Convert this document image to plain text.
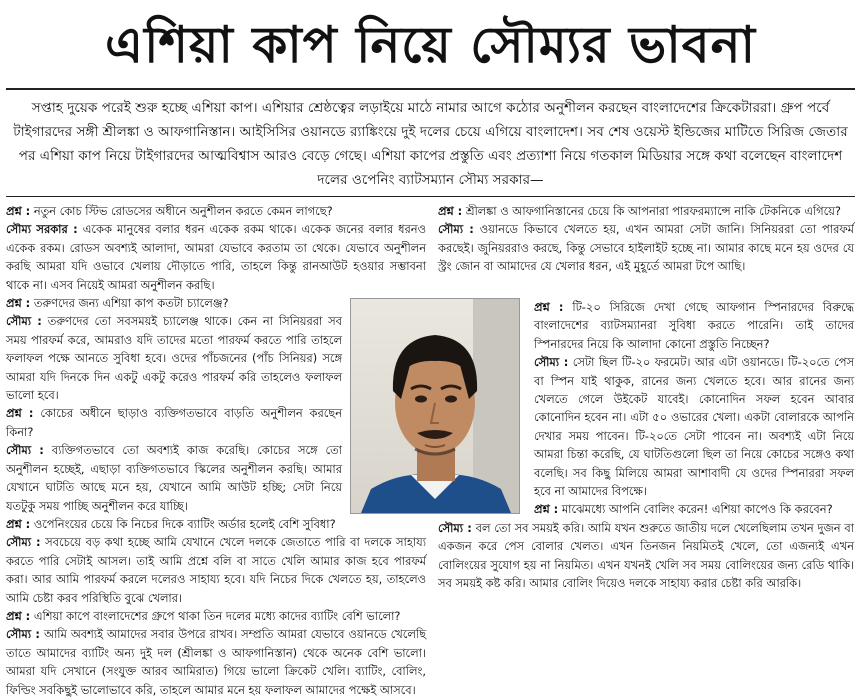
এশিয়া কাপ নিয়ে সৌম্যর ভাবনা

সপ্তাহ দুয়েক পরেই শুরু হচ্ছে এশিয়া কাপ। এশিয়ার শ্রেষ্ঠত্বের লড়াইয়ে মাঠে নামার আগে কঠোর অনুশীলন করছেন বাংলাদেশের ক্রিকেটাররা। গ্রুপ পর্বে টাইগারদের সঙ্গী শ্রীলঙ্কা ও আফগানিস্তান। আইসিসির ওয়ানডে র‌্যাঙ্কিংয়ে দুই দলের চেয়ে এগিয়ে বাংলাদেশ। সব শেষ ওয়েস্ট ইন্ডিজের মাটিতে সিরিজ জেতার পর এশিয়া কাপ নিয়ে টাইগারদের আত্মবিশ্বাস আরও বেড়ে গেছে। এশিয়া কাপের প্রস্তুতি এবং প্রত্যাশা নিয়ে গতকাল মিডিয়ার সঙ্গে কথা বলেছেন বাংলাদেশ দলের ওপেনিং ব্যাটসম্যান সৌম্য সরকার—

প্রশ্ন : নতুন কোচ স্টিভ রোডসের অধীনে অনুশীলন করতে কেমন লাগছে?
সৌম্য সরকার : একেক মানুষের বলার ধরন একেক রকম থাকে। একেক জনের বলার ধরনও একেক রকম। রোডস অবশ্যই আলাদা, আমরা যেভাবে করতাম তা থেকে। যেভাবে অনুশীলন করছি আমরা যদি ওভাবে খেলায় দৌড়াতে পারি, তাহলে কিন্তু রানআউট হওয়ার সম্ভাবনা থাকে না। এসব নিয়েই আমরা অনুশীলন করছি।

প্রশ্ন : তরুণদের জন্য এশিয়া কাপ কতটা চ্যালেঞ্জ?

সৌম্য : তরুণদের তো সবসময়ই চ্যালেঞ্জ থাকে। কেন না সিনিয়ররা সব সময় পারফর্ম করে, আমরাও যদি তাদের মতো পারফর্ম করতে পারি তাহলে ফলাফল পক্ষে আনতে সুবিধা হবে। ওদের পাঁচজনের (পাঁচ সিনিয়র) সঙ্গে আমরা যদি দিনকে দিন একটু একটু করেও পারফর্ম করি তাহলেও ফলাফল ভালো হবে।

প্রশ্ন : কোচের অধীনে ছাড়াও ব্যক্তিগতভাবে বাড়তি অনুশীলন করছেন কিনা?
সৌম্য : ব্যক্তিগতভাবে তো অবশ্যই কাজ করেছি। কোচের সঙ্গে তো অনুশীলন হচ্ছেই, এছাড়া ব্যক্তিগতভাবে স্কিলের অনুশীলন করছি। আমার যেখানে ঘাটতি আছে মনে হয়, যেখানে আমি আউট হচ্ছি; সেটা নিয়ে যতটুকু সময় পাচ্ছি অনুশীলন করে যাচ্ছি।

প্রশ্ন : ওপেনিংয়ের চেয়ে কি নিচের দিকে ব্যাটিং অর্ডার হলেই বেশি সুবিধা?
সৌম্য : সবচেয়ে বড় কথা হচ্ছে আমি যেখানে খেলে দলকে জেতাতে পারি বা দলকে সাহায্য করতে পারি সেটাই আসল। তাই আমি প্রশ্নে বলি বা সাতে খেলি আমার কাজ হবে পারফর্ম করা। আর আমি পারফর্ম করলে দলেরও সাহায্য হবে। যদি নিচের দিকে খেলতে হয়, তাহলেও আমি চেষ্টা করব পরিস্থিতি বুঝে খেলার।

প্রশ্ন : এশিয়া কাপে বাংলাদেশের গ্রুপে থাকা তিন দলের মধ্যে কাদের ব্যাটিং বেশি ভালো?
সৌম্য : আমি অবশ্যই আমাদের সবার উপরে রাখব। সম্প্রতি আমরা যেভাবে ওয়ানডে খেলেছি তাতে আমাদের ব্যাটিং অন্য দুই দল (শ্রীলঙ্কা ও আফগানিস্তান) থেকে অনেক বেশি ভালো। আমরা যদি সেখানে (সংযুক্ত আরব আমিরাত) গিয়ে ভালো ক্রিকেট খেলি। ব্যাটিং, বোলিং, ফিল্ডিং সবকিছুই ভালোভাবে করি, তাহলে আমার মনে হয় ফলাফল আমাদের পক্ষেই আসবে।

প্রশ্ন : শ্রীলঙ্কা ও আফগানিস্তানের চেয়ে কি আপনারা পারফরম্যান্সে নাকি টেকনিকে এগিয়ে?
সৌম্য : ওয়ানডে কিভাবে খেলতে হয়, এখন আমরা সেটা জানি। সিনিয়ররা তো পারফর্ম করছেই। জুনিয়ররাও করছে, কিন্তু সেভাবে হাইলাইট হচ্ছে না। আমার কাছে মনে হয় ওদের যে স্ট্রং জোন বা আমাদের যে খেলার ধরন, এই মুহূর্তে আমরা টপে আছি।

প্রশ্ন : টি-২০ সিরিজে দেখা গেছে আফগান স্পিনারদের বিরুদ্ধে বাংলাদেশের ব্যাটসম্যানরা সুবিধা করতে পারেনি। তাই তাদের স্পিনারদের নিয়ে কি আলাদা কোনো প্রস্তুতি নিচ্ছেন?
সৌম্য : সেটা ছিল টি-২০ ফরমেট। আর এটা ওয়ানডে। টি-২০তে পেস বা স্পিন যাই থাকুক, রানের জন্য খেলতে হবে। আর রানের জন্য খেলতে গেলে উইকেট যাবেই। কোনোদিন সফল হবেন আবার কোনোদিন হবেন না। এটা ৫০ ওভারের খেলা। একটা বোলারকে আপনি দেখার সময় পাবেন। টি-২০তে সেটা পাবেন না। অবশ্যই এটা নিয়ে আমরা চিন্তা করেছি, যে ঘাটতিগুলো ছিল তা নিয়ে কোচের সঙ্গেও কথা বলেছি। সব কিছু মিলিয়ে আমরা আশাবাদী যে ওদের স্পিনাররা সফল হবে না আমাদের বিপক্ষে।

প্রশ্ন : মাঝেমধ্যে আপনি বোলিং করেন! এশিয়া কাপেও কি করবেন?
সৌম্য : বল তো সব সময়ই করি। আমি যখন শুরুতে জাতীয় দলে খেলেছিলাম তখন দুজন বা একজন করে পেস বোলার খেলত। এখন তিনজন নিয়মিতই খেলে, তো এজন্যই এখন বোলিংয়ের সুযোগ হয় না নিয়মিত। এখন যখনই খেলি সব সময় বোলিংয়ের জন্য রেডি থাকি। সব সময়ই কষ্ট করি। আমার বোলিং দিয়েও দলকে সাহায্য করার চেষ্টা করি আরকি।
